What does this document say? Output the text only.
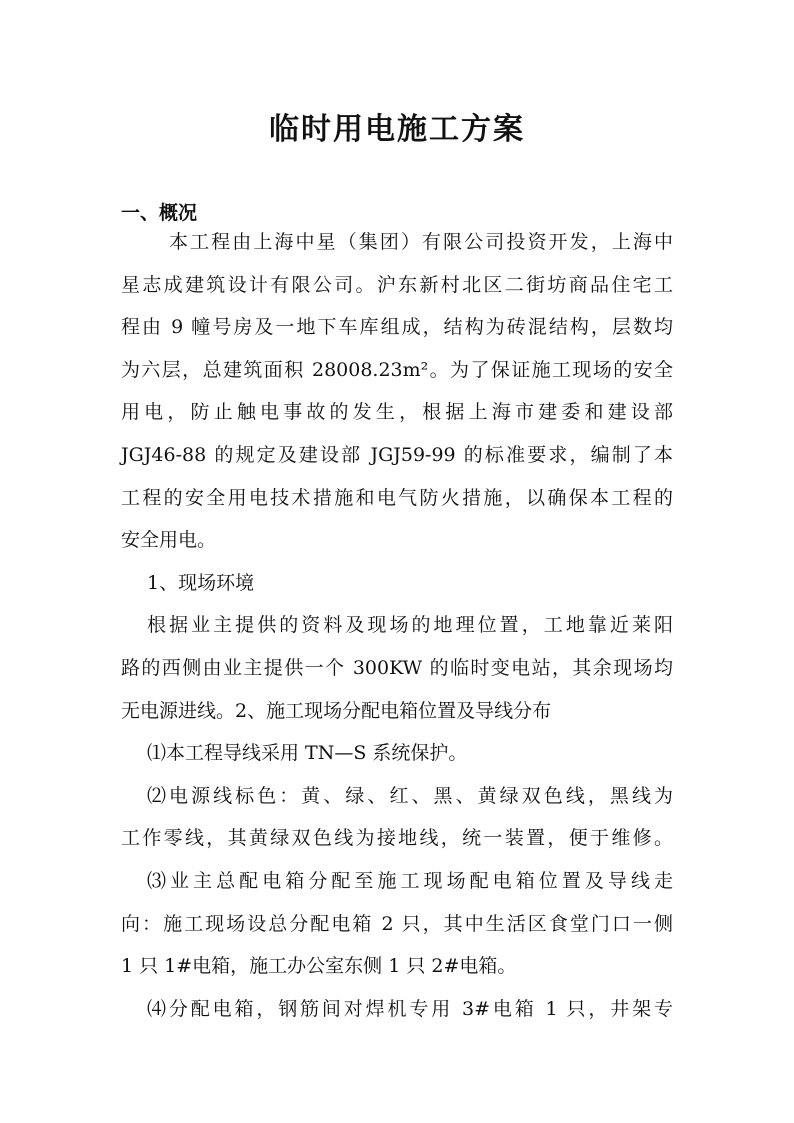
临时用电施工方案
一、概况
本工程由上海中星（集团）有限公司投资开发，上海中
星志成建筑设计有限公司。沪东新村北区二街坊商品住宅工
程由 9 幢号房及一地下车库组成，结构为砖混结构，层数均
为六层，总建筑面积 28008.23m²。为了保证施工现场的安全
用电，防止触电事故的发生，根据上海市建委和建设部
JGJ46-88 的规定及建设部 JGJ59-99 的标准要求，编制了本
工程的安全用电技术措施和电气防火措施，以确保本工程的
安全用电。
1、现场环境
根据业主提供的资料及现场的地理位置，工地靠近莱阳
路的西侧由业主提供一个 300KW 的临时变电站，其余现场均
无电源进线。2、施工现场分配电箱位置及导线分布
⑴本工程导线采用 TN—S 系统保护。
⑵电源线标色：黄、绿、红、黑、黄绿双色线，黑线为
工作零线，其黄绿双色线为接地线，统一装置，便于维修。
⑶业主总配电箱分配至施工现场配电箱位置及导线走
向：施工现场设总分配电箱 2 只，其中生活区食堂门口一侧
1 只 1#电箱，施工办公室东侧 1 只 2#电箱。
⑷分配电箱，钢筋间对焊机专用 3#电箱 1 只，井架专
